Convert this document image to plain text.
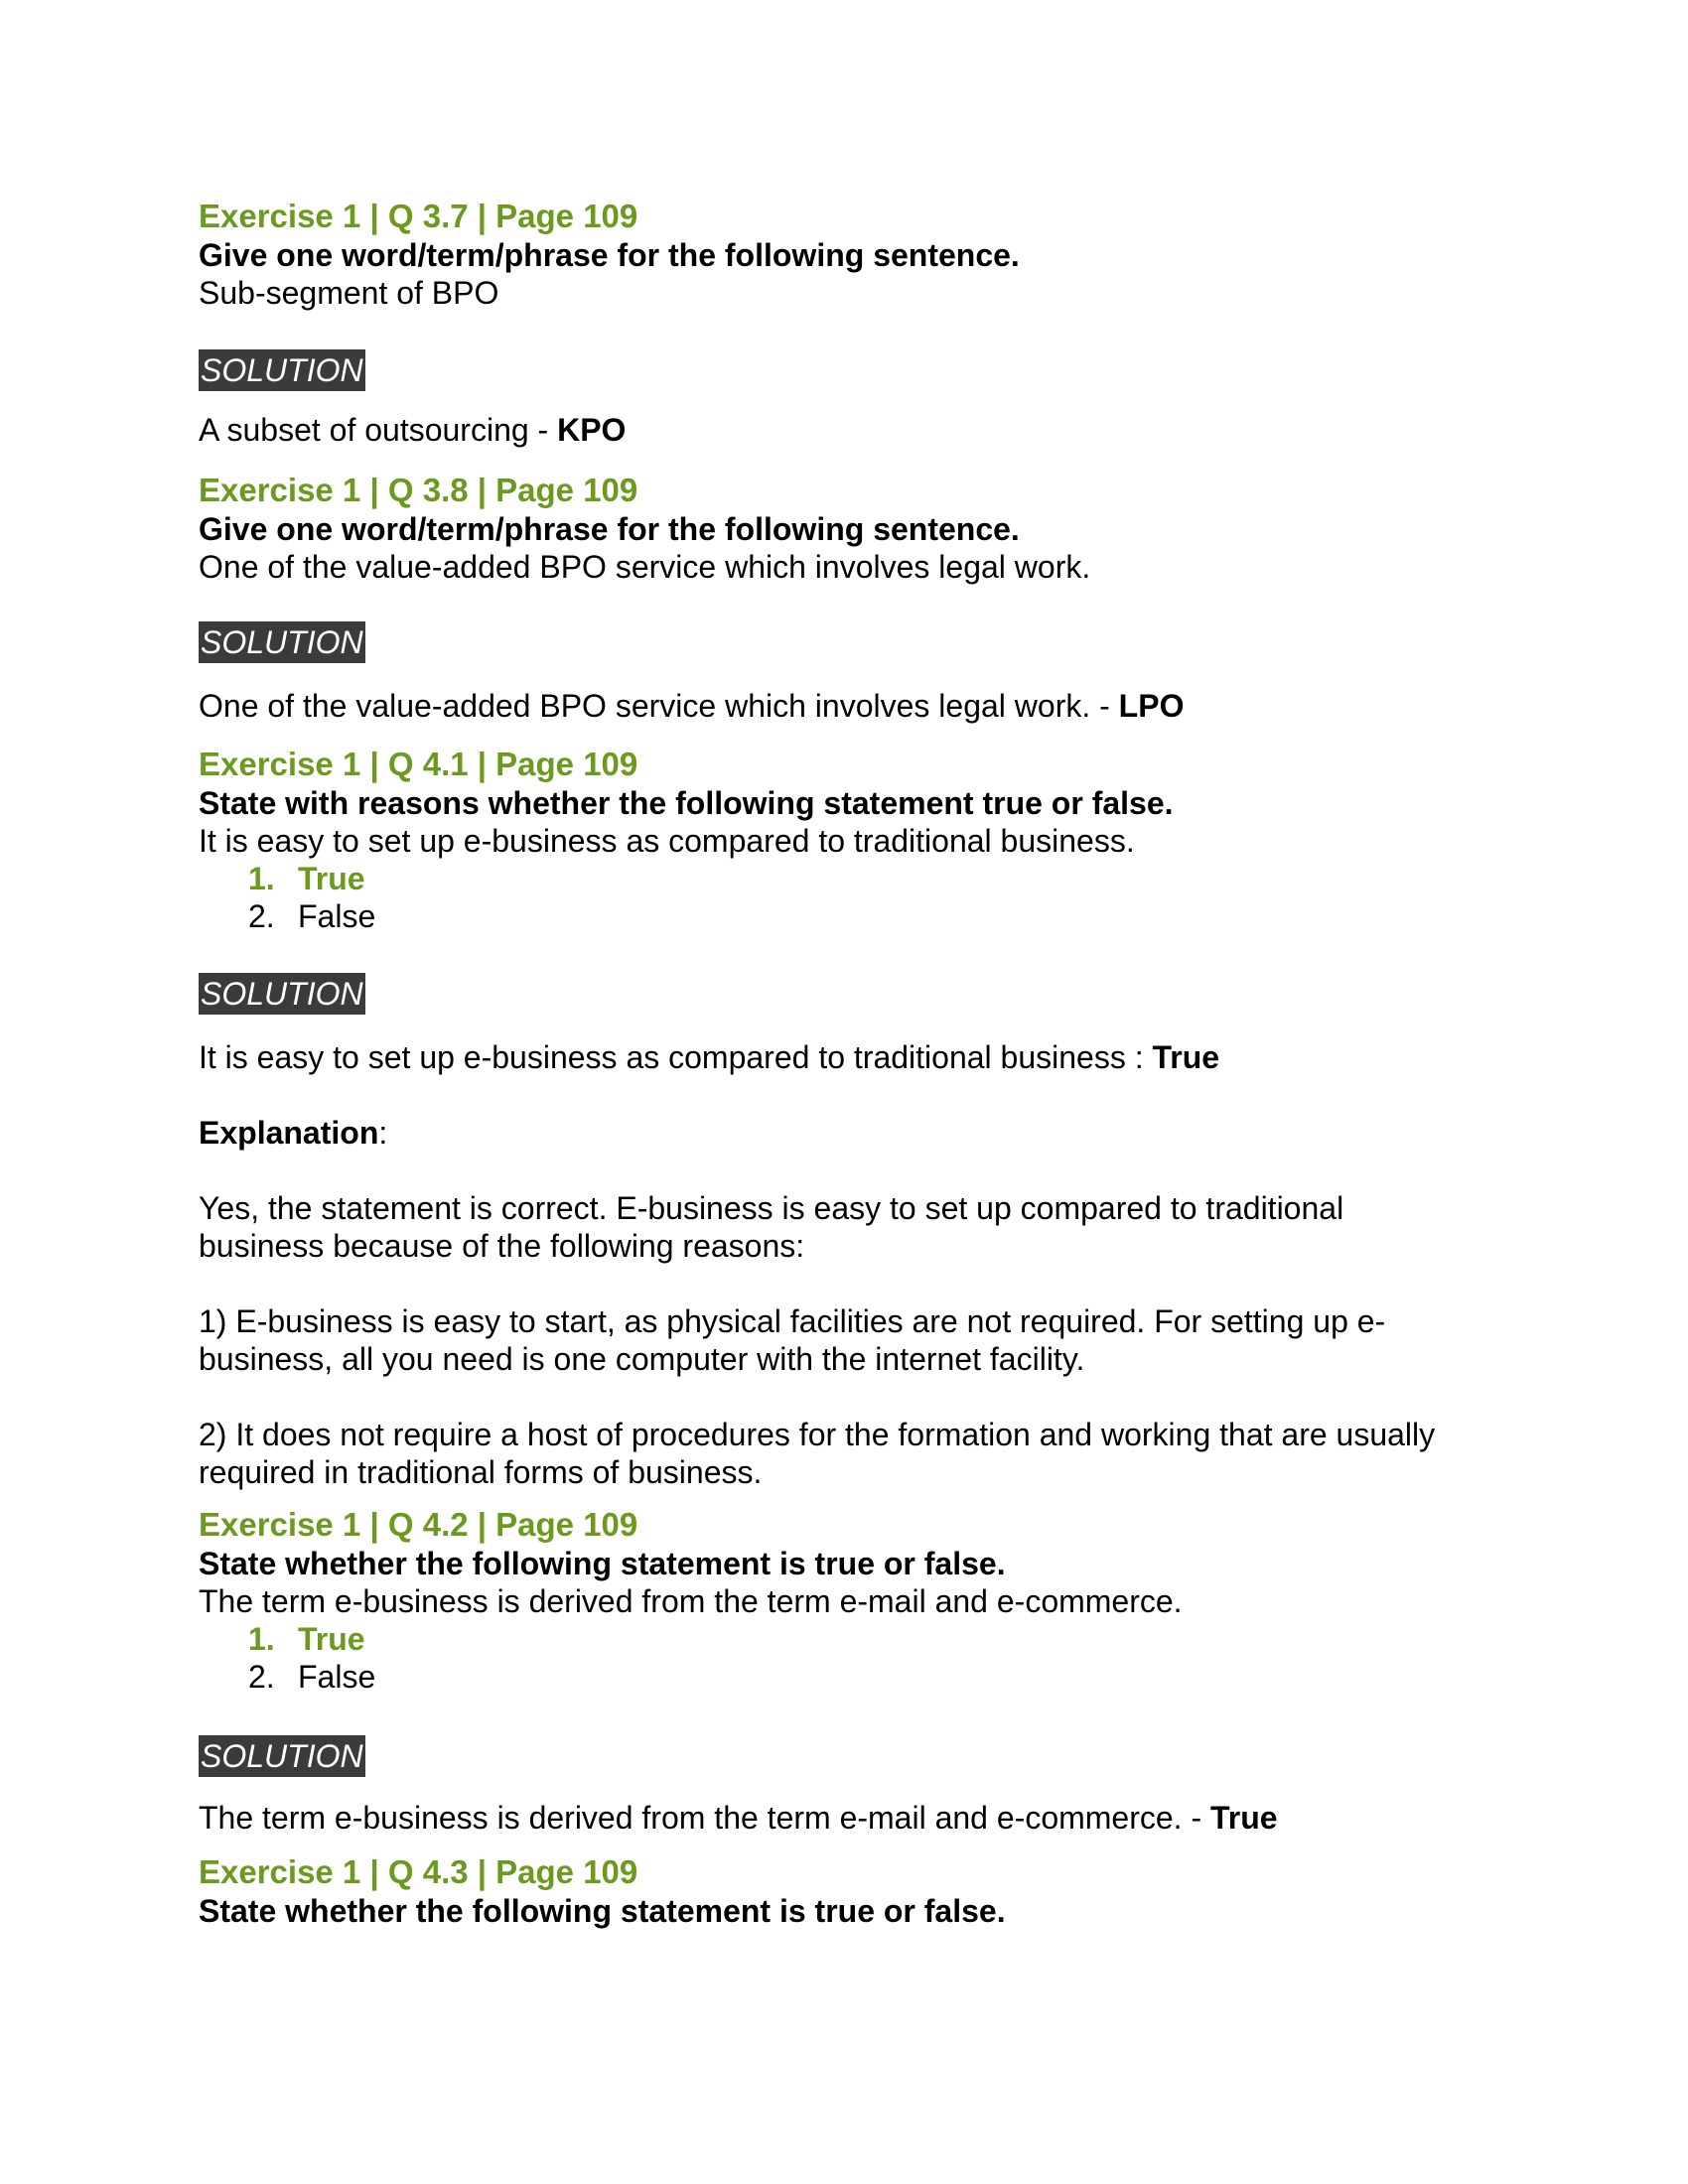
Exercise 1 | Q 3.7 | Page 109

Give one word/term/phrase for the following sentence.

Sub-segment of BPO

SOLUTION

A subset of outsourcing - KPO

Exercise 1 | Q 3.8 | Page 109

Give one word/term/phrase for the following sentence.

One of the value-added BPO service which involves legal work.

SOLUTION

One of the value-added BPO service which involves legal work. - LPO

Exercise 1 | Q 4.1 | Page 109

State with reasons whether the following statement true or false.

It is easy to set up e-business as compared to traditional business.

1. True
2. False
SOLUTION

It is easy to set up e-business as compared to traditional business : True

Explanation:

Yes, the statement is correct. E-business is easy to set up compared to traditional business because of the following reasons:

1) E-business is easy to start, as physical facilities are not required. For setting up e-business, all you need is one computer with the internet facility.

2) It does not require a host of procedures for the formation and working that are usually required in traditional forms of business.

Exercise 1 | Q 4.2 | Page 109

State whether the following statement is true or false.

The term e-business is derived from the term e-mail and e-commerce.

1. True
2. False
SOLUTION

The term e-business is derived from the term e-mail and e-commerce. - True

Exercise 1 | Q 4.3 | Page 109

State whether the following statement is true or false.
